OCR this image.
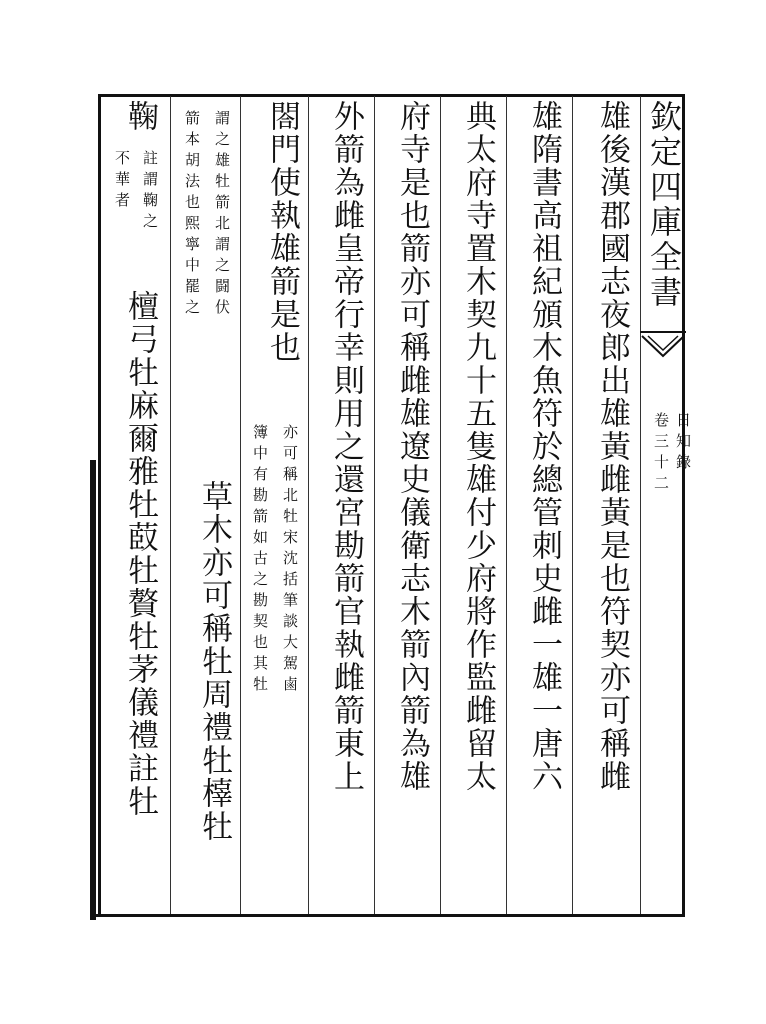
欽定四庫全書
日知錄
卷三十二
雄後漢郡國志夜郎出雄黃雌黃是也符契亦可稱雌
雄隋書高祖紀頒木魚符於總管刺史雌一雄一唐六
典太府寺置木契九十五隻雄付少府將作監雌留太
府寺是也箭亦可稱雌雄遼史儀衛志木箭內箭為雄
外箭為雌皇帝行幸則用之還宮勘箭官執雌箭東上
閤門使執雄箭是也
亦可稱北牡宋沈括筆談大駕鹵
簿中有勘箭如古之勘契也其牡
謂之雄牡箭北謂之闘伏
箭本胡法也熙寧中罷之
草木亦可稱牡周禮牡橭牡
鞠
註謂鞠之
不華者
檀弓牡麻爾雅牡菣牡贅牡茅儀禮註牡
